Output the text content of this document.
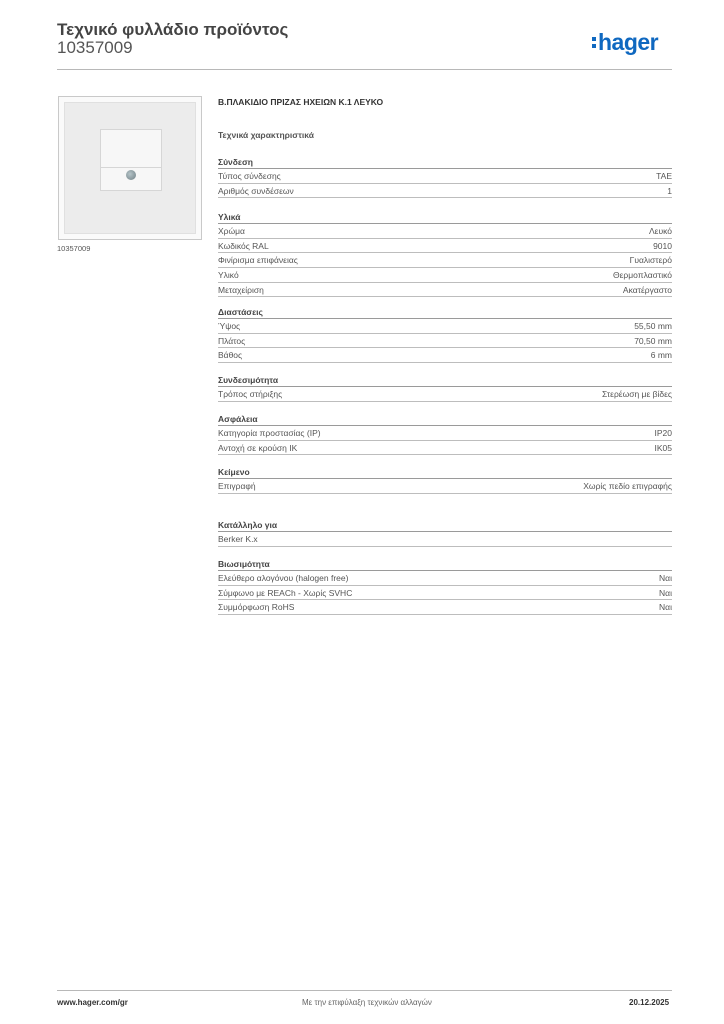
Τεχνικό φυλλάδιο προϊόντος
10357009	hager
10357009
Β.ΠΛΑΚΙΔΙΟ ΠΡΙΖΑΣ ΗΧΕΙΩΝ Κ.1 ΛΕΥΚΟ
Τεχνικά χαρακτηριστικά
Σύνδεση
Τύπος σύνδεσης	TAE
Αριθμός συνδέσεων	1
Υλικά
Χρώμα	Λευκό
Κωδικός RAL	9010
Φινίρισμα επιφάνειας	Γυαλιστερό
Υλικό	Θερμοπλαστικό
Μεταχείριση	Ακατέργαστο
Διαστάσεις
Ύψος	55,50 mm
Πλάτος	70,50 mm
Βάθος	6 mm
Συνδεσιμότητα
Τρόπος στήριξης	Στερέωση με βίδες
Ασφάλεια
Κατηγορία προστασίας (IP)	IP20
Αντοχή σε κρούση IK	IK05
Κείμενο
Επιγραφή	Χωρίς πεδίο επιγραφής
Κατάλληλο για
Berker K.x
Βιωσιμότητα
Ελεύθερο αλογόνου (halogen free)	Ναι
Σύμφωνο με REACh - Χωρίς SVHC	Ναι
Συμμόρφωση RoHS	Ναι
www.hager.com/gr	Με την επιφύλαξη τεχνικών αλλαγών	20.12.2025
